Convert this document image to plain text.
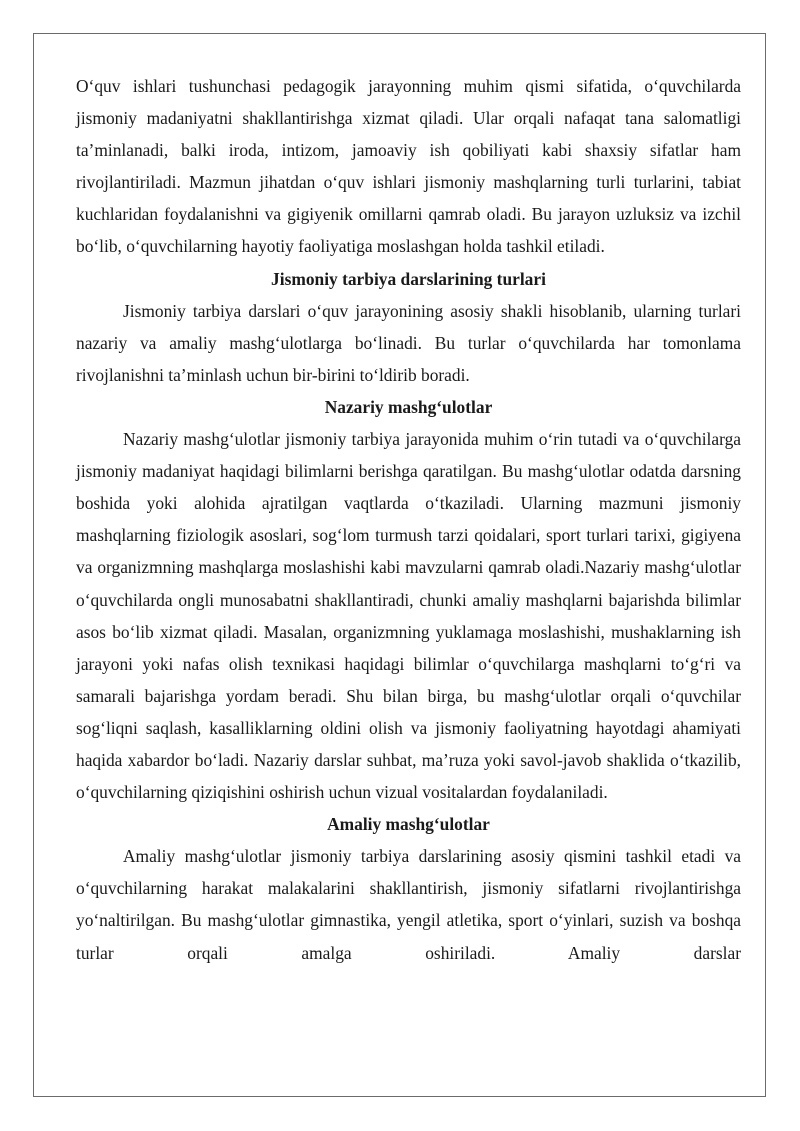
O‘quv ishlari tushunchasi pedagogik jarayonning muhim qismi sifatida, o‘quvchilarda jismoniy madaniyatni shakllantirishga xizmat qiladi. Ular orqali nafaqat tana salomatligi ta’minlanadi, balki iroda, intizom, jamoaviy ish qobiliyati kabi shaxsiy sifatlar ham rivojlantiriladi. Mazmun jihatdan o‘quv ishlari jismoniy mashqlarning turli turlarini, tabiat kuchlaridan foydalanishni va gigiyenik omillarni qamrab oladi. Bu jarayon uzluksiz va izchil bo‘lib, o‘quvchilarning hayotiy faoliyatiga moslashgan holda tashkil etiladi.

Jismoniy tarbiya darslarining turlari

Jismoniy tarbiya darslari o‘quv jarayonining asosiy shakli hisoblanib, ularning turlari nazariy va amaliy mashg‘ulotlarga bo‘linadi. Bu turlar o‘quvchilarda har tomonlama rivojlanishni ta’minlash uchun bir-birini to‘ldirib boradi.

Nazariy mashg‘ulotlar

Nazariy mashg‘ulotlar jismoniy tarbiya jarayonida muhim o‘rin tutadi va o‘quvchilarga jismoniy madaniyat haqidagi bilimlarni berishga qaratilgan. Bu mashg‘ulotlar odatda darsning boshida yoki alohida ajratilgan vaqtlarda o‘tkaziladi. Ularning mazmuni jismoniy mashqlarning fiziologik asoslari, sog‘lom turmush tarzi qoidalari, sport turlari tarixi, gigiyena va organizmning mashqlarga moslashishi kabi mavzularni qamrab oladi.Nazariy mashg‘ulotlar o‘quvchilarda ongli munosabatni shakllantiradi, chunki amaliy mashqlarni bajarishda bilimlar asos bo‘lib xizmat qiladi. Masalan, organizmning yuklamaga moslashishi, mushaklarning ish jarayoni yoki nafas olish texnikasi haqidagi bilimlar o‘quvchilarga mashqlarni to‘g‘ri va samarali bajarishga yordam beradi. Shu bilan birga, bu mashg‘ulotlar orqali o‘quvchilar sog‘liqni saqlash, kasalliklarning oldini olish va jismoniy faoliyatning hayotdagi ahamiyati haqida xabardor bo‘ladi. Nazariy darslar suhbat, ma’ruza yoki savol-javob shaklida o‘tkazilib, o‘quvchilarning qiziqishini oshirish uchun vizual vositalardan foydalaniladi.

Amaliy mashg‘ulotlar

Amaliy mashg‘ulotlar jismoniy tarbiya darslarining asosiy qismini tashkil etadi va o‘quvchilarning harakat malakalarini shakllantirish, jismoniy sifatlarni rivojlantirishga yo‘naltirilgan. Bu mashg‘ulotlar gimnastika, yengil atletika, sport o‘yinlari, suzish va boshqa turlar orqali amalga oshiriladi. Amaliy darslar
